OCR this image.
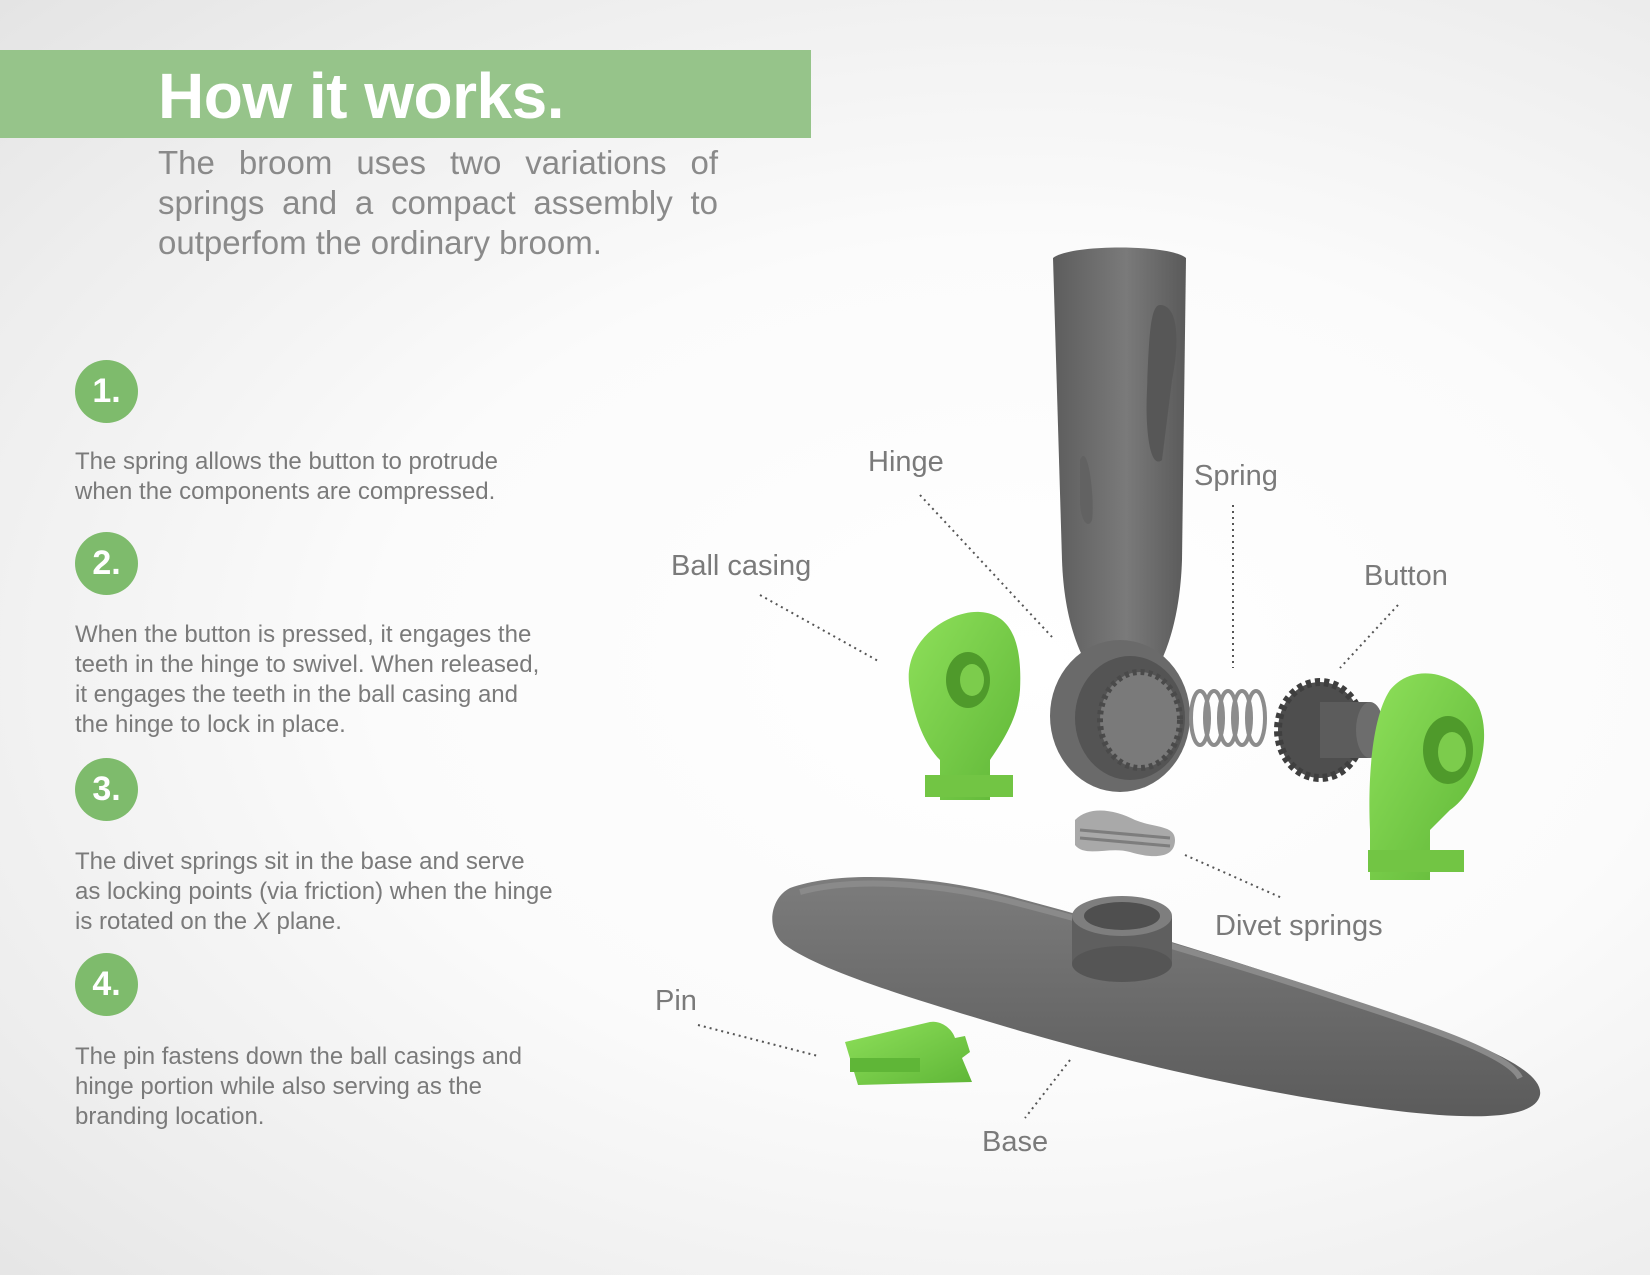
How it works.

The broom uses two variations of springs and a compact assembly to outperfom the ordinary broom.

1.

The spring allows the button to protrude when the components are compressed.

2.

When the button is pressed, it engages the teeth in the hinge to swivel. When released, it engages the teeth in the ball casing and the hinge to lock in place.

3.

The divet springs sit in the base and serve as locking points (via friction) when the hinge is rotated on the X plane.

4.

The pin fastens down the ball casings and hinge portion while also serving as the branding location.

Hinge	Spring
Ball casing	Button
Divet springs
Pin
Base
